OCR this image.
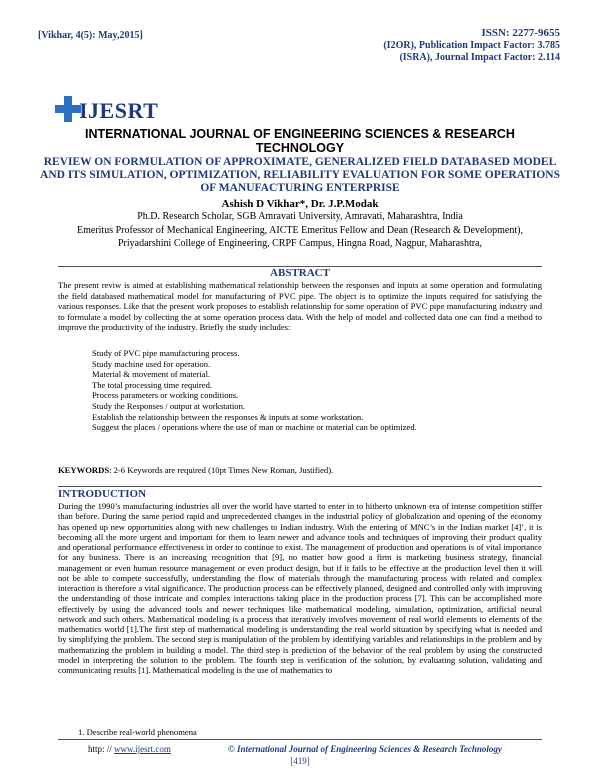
[Vikhar, 4(5): May,2015]	ISSN: 2277-9655
(I2OR), Publication Impact Factor: 3.785
(ISRA), Journal Impact Factor: 2.114
IJESRT
INTERNATIONAL JOURNAL OF ENGINEERING SCIENCES & RESEARCH TECHNOLOGY
REVIEW ON FORMULATION OF APPROXIMATE, GENERALIZED FIELD DATABASED MODEL AND ITS SIMULATION, OPTIMIZATION, RELIABILITY EVALUATION FOR SOME OPERATIONS OF MANUFACTURING ENTERPRISE
Ashish D Vikhar*, Dr. J.P.Modak
Ph.D. Research Scholar, SGB Amravati University, Amravati, Maharashtra, India
Emeritus Professor of Mechanical Engineering, AICTE Emeritus Fellow and Dean (Research & Development),
Priyadarshini College of Engineering, CRPF Campus, Hingna Road, Nagpur, Maharashtra,
ABSTRACT
The present reviw is aimed at establishing mathematical relationship between the responses and inputs at some operation and formulating the field databased mathematical model for manufacturing of PVC pipe. The object is to optimize the inputs required for satisfying the various responses. Like that the present work proposes to establish relationship for some operation of PVC pipe manufacturing industry and to formulate a model by collecting the at some operation process data. With the help of model and collected data one can find a method to improve the productivity of the industry. Briefly the study includes:
Study of PVC pipe manufacturing process.
Study machine used for operation.
Material & movement of material.
The total processing time required.
Process parameters or working conditions.
Study the Responses / output at workstation.
Establish the relationship between the responses & inputs at some workstation.
Suggest the places / operations where the use of man or machine or material can be optimized.
KEYWORDS: 2-6 Keywords are required (10pt Times New Roman, Justified).
INTRODUCTION
During the 1990’s manufacturing industries all over the world have started to enter in to hitherto unknown era of intense competition stiffer than before. During the same period rapid and unprecedented changes in the industrial policy of globalization and opening of the economy has opened up new opportunities along with new challenges to Indian industry. With the entering of MNC’s in the Indian market [4]’, it is becoming all the more urgent and important for them to learn newer and advance tools and techniques of improving their product quality and operational performance effectiveness in order to continue to exist. The management of production and operations is of vital importance for any business. There is an increasing recognition that [9], no matter how good a firm is marketing business strategy, financial management or even human resource management or even product design, but if it fails to be effective at the production level then it will not be able to compete successfully, understanding the flow of materials through the manufacturing process with related and complex interaction is therefore a vital significance. The production process can be effectively planned, designed and controlled only with improving the understanding of those intricate and complex interactions taking place in the production process [7]. This can be accomplished more effectively by using the advanced tools and newer techniques like mathematical modeling, simulation, optimization, artificial neural network and such others. Mathematical modeling is a process that iteratively involves movement of real world elements to elements of the mathematics world [1].The first step of mathematical modeling is understanding the real world situation by specifying what is needed and by simplifying the problem. The second step is manipulation of the problem by identifying variables and relationships in the problem and by mathematizing the problem in building a model. The third step is prediction of the behavior of the real problem by using the constructed model in interpreting the solution to the problem. The fourth step is verification of the solution, by evaluating solution, validating and communicating results [1]. Mathematical modeling is the use of mathematics to
1. Describe real-world phenomena
http: // www.ijesrt.com	© International Journal of Engineering Sciences & Research Technology
[419]
